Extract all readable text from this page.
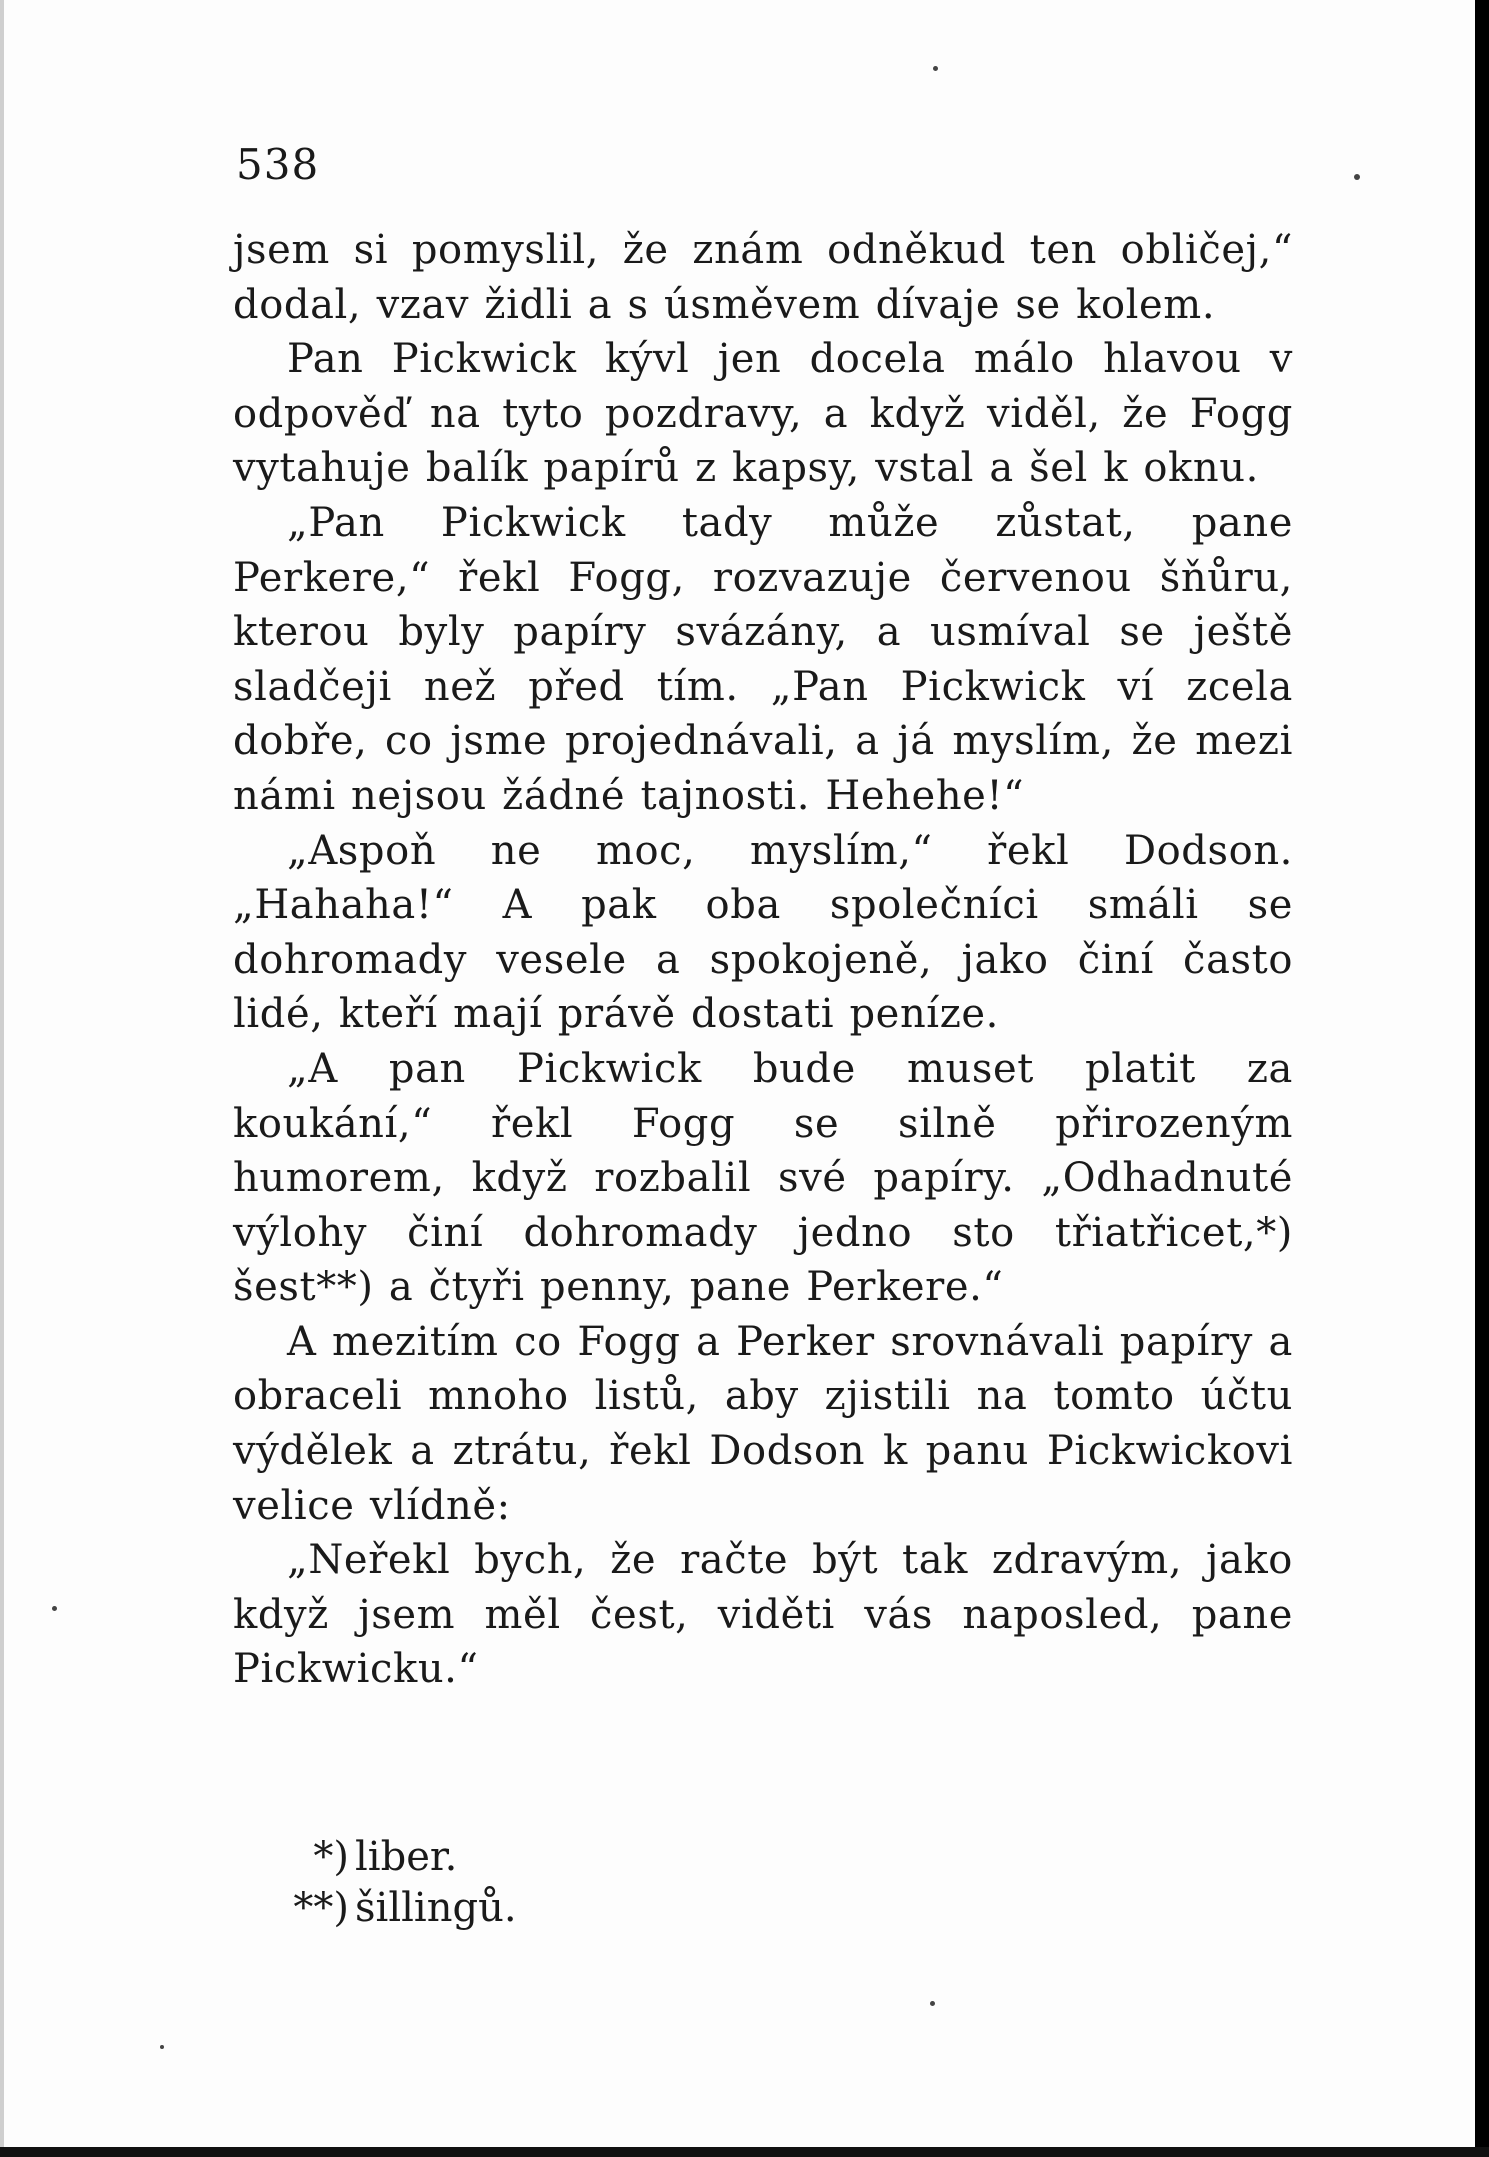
538

jsem si pomyslil, že znám odněkud ten obličej,“ dodal, vzav židli a s úsměvem dívaje se kolem.

Pan Pickwick kývl jen docela málo hlavou v odpověď na tyto pozdravy, a když viděl, že Fogg vytahuje balík papírů z kapsy, vstal a šel k oknu.

„Pan Pickwick tady může zůstat, pane Perkere,“ řekl Fogg, rozvazuje červenou šňůru, kterou byly papíry svázány, a usmíval se ještě sladčeji než před tím. „Pan Pickwick ví zcela dobře, co jsme projednávali, a já myslím, že mezi námi nejsou žádné tajnosti. Hehehe!“

„Aspoň ne moc, myslím,“ řekl Dodson. „Hahaha!“ A pak oba společníci smáli se dohromady vesele a spokojeně, jako činí často lidé, kteří mají právě dostati peníze.

„A pan Pickwick bude muset platit za koukání,“ řekl Fogg se silně přirozeným humorem, když rozbalil své papíry. „Odhadnuté výlohy činí dohromady jedno sto třiatřicet,*) šest**) a čtyři penny, pane Perkere.“

A mezitím co Fogg a Perker srovnávali papíry a obraceli mnoho listů, aby zjistili na tomto účtu výdělek a ztrátu, řekl Dodson k panu Pickwickovi velice vlídně:

„Neřekl bych, že račte být tak zdravým, jako když jsem měl čest, viděti vás naposled, pane Pickwicku.“

*) liber.

**) šillingů.
